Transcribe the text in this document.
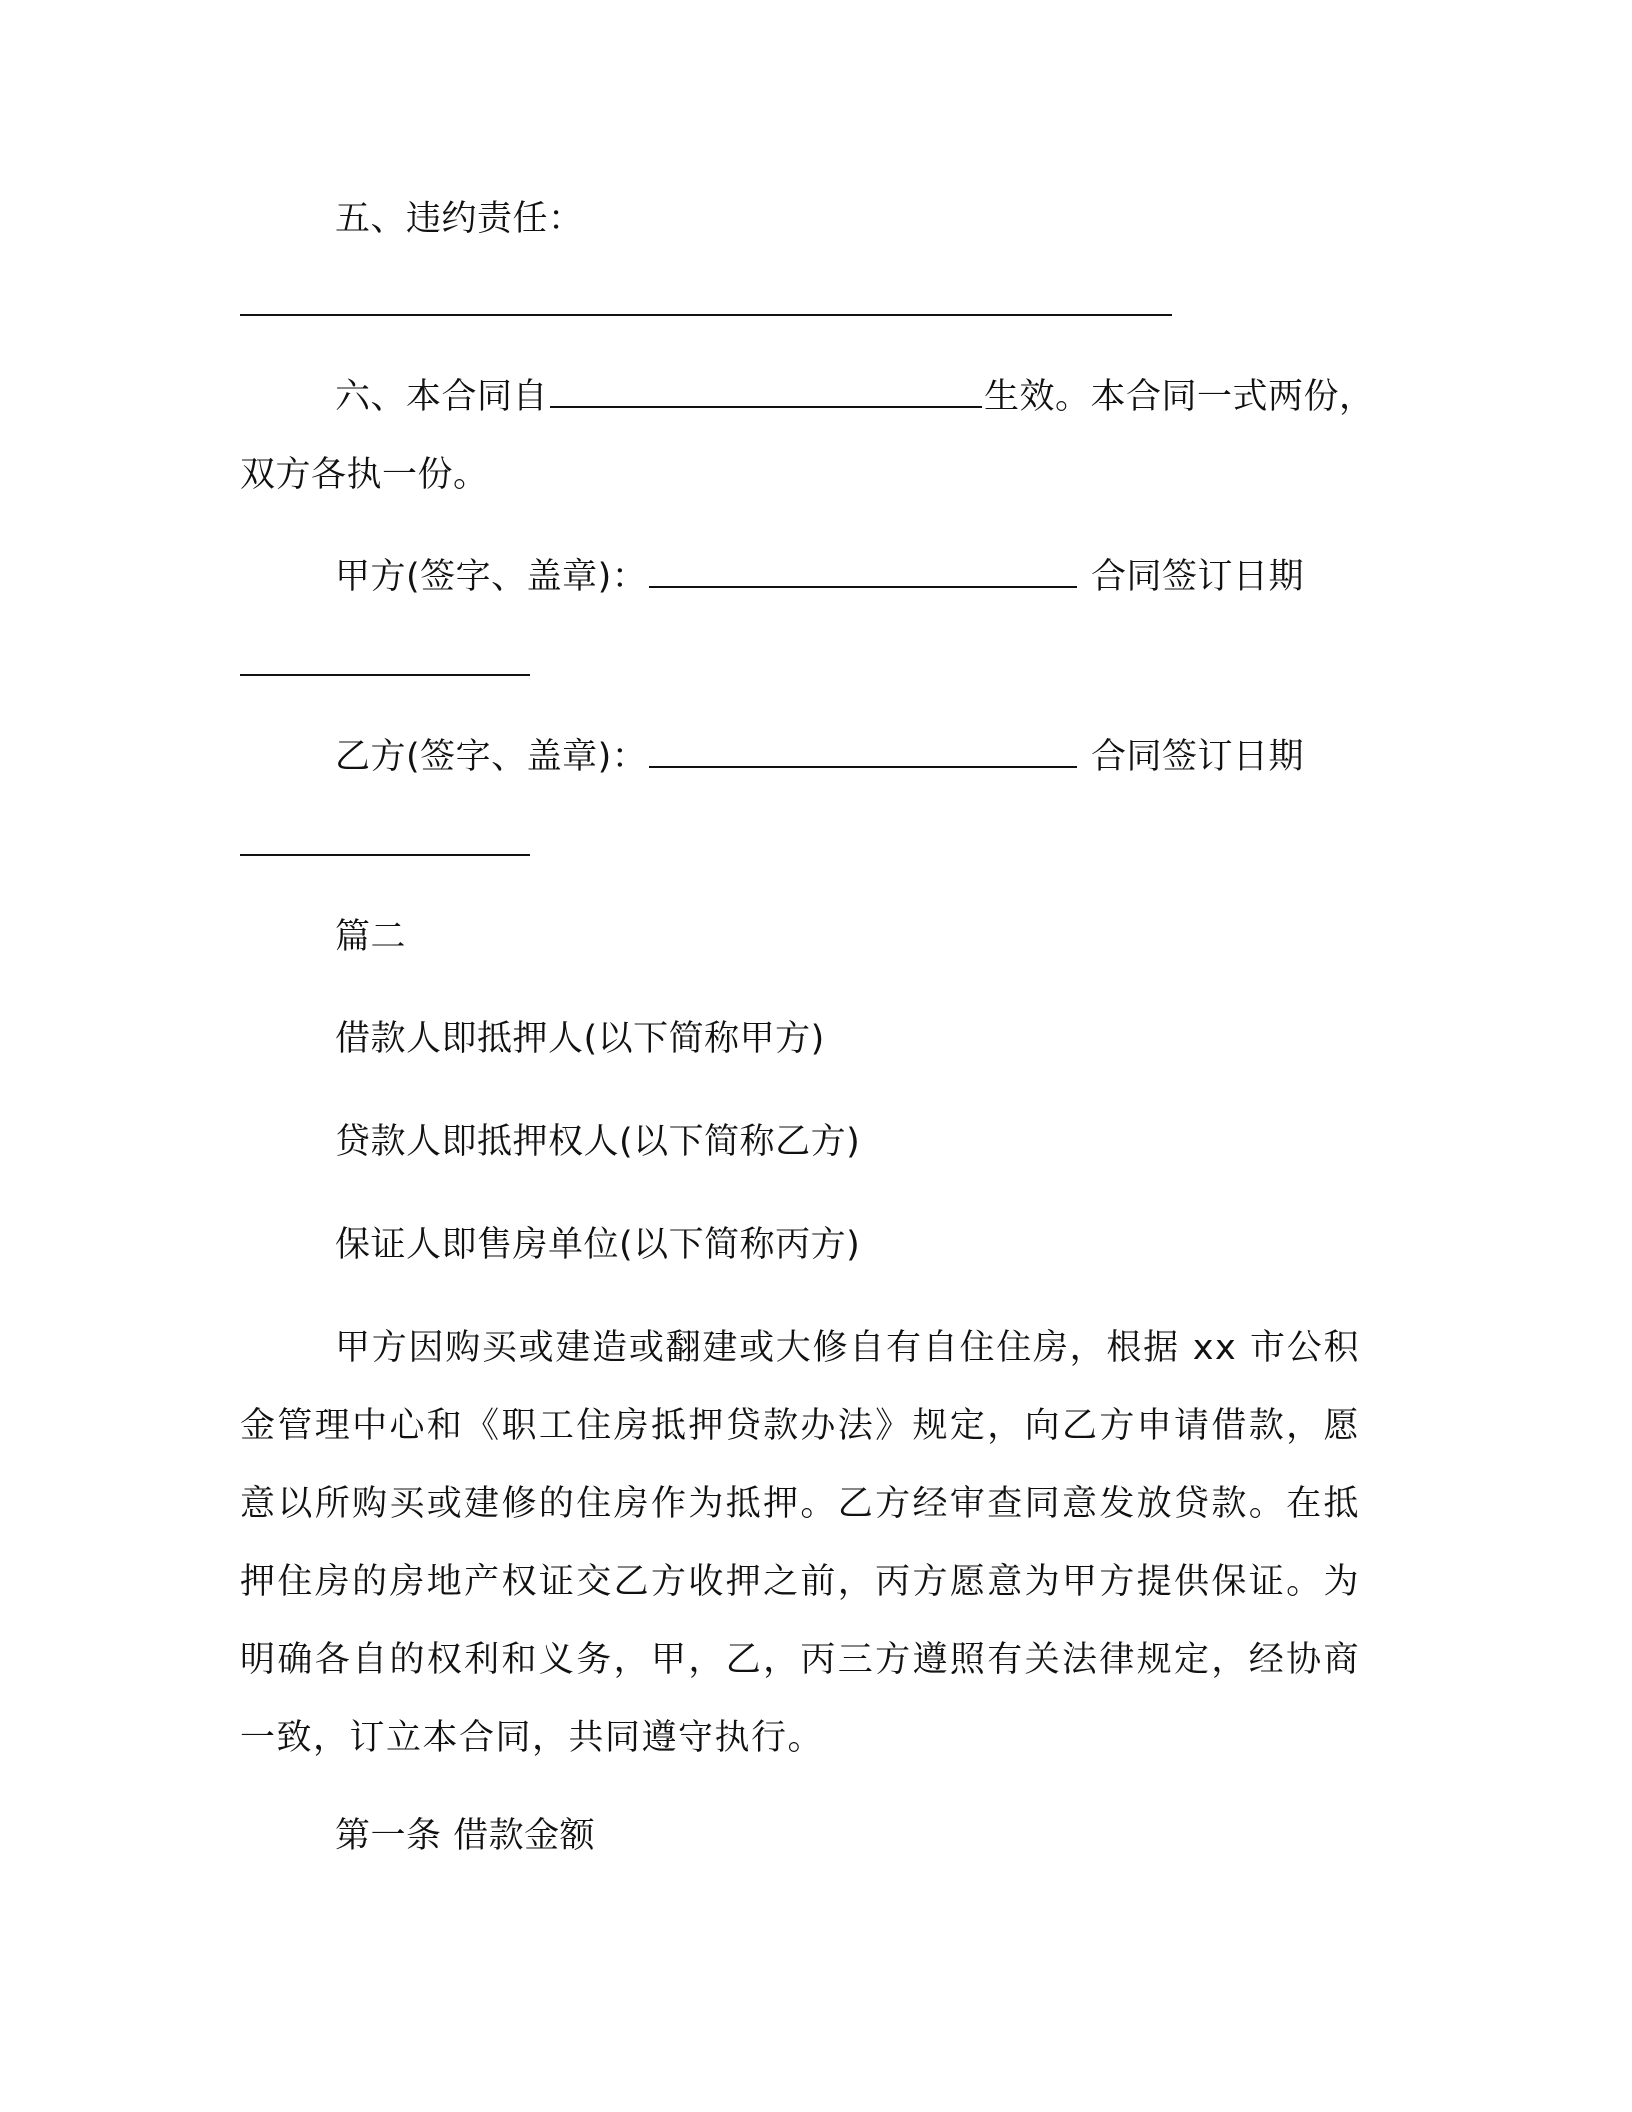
五、违约责任：
六、本合同自	生效。本合同一式两份，
双方各执一份。
甲方(签字、盖章)：	合同签订日期
乙方(签字、盖章)：	合同签订日期
篇二
借款人即抵押人(以下简称甲方)
贷款人即抵押权人(以下简称乙方)
保证人即售房单位(以下简称丙方)

甲方因购买或建造或翻建或大修自有自住住房，根据 xx 市公积金管理中心和《职工住房抵押贷款办法》规定，向乙方申请借款，愿意以所购买或建修的住房作为抵押。乙方经审查同意发放贷款。在抵押住房的房地产权证交乙方收押之前，丙方愿意为甲方提供保证。为明确各自的权利和义务，甲，乙，丙三方遵照有关法律规定，经协商一致，订立本合同，共同遵守执行。

第一条 借款金额
